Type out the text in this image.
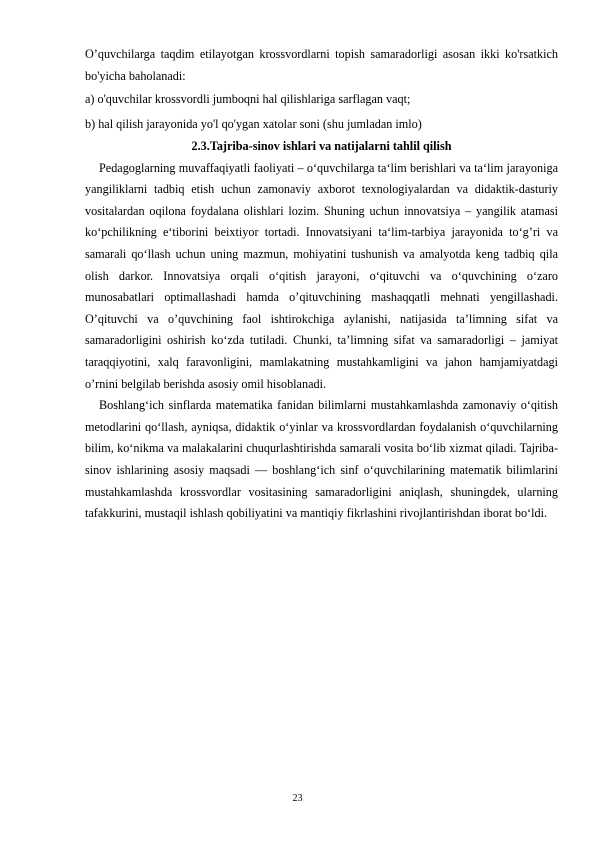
O’quvchilarga taqdim etilayotgan krossvordlarni topish samaradorligi asosan ikki ko'rsatkich bo'yicha baholanadi:

a) o'quvchilar krossvordli jumboqni hal qilishlariga sarflagan vaqt;

b) hal qilish jarayonida yo'l qo'ygan xatolar soni (shu jumladan imlo)

2.3.Tajriba-sinov ishlari va natijalarni tahlil qilish

Pedagoglarning muvaffaqiyatli faoliyati – o‘quvchilarga ta‘lim berishlari va ta‘lim jarayoniga yangiliklarni tadbiq etish uchun zamonaviy axborot texnologiyalardan va didaktik-dasturiy vositalardan oqilona foydalana olishlari lozim. Shuning uchun innovatsiya – yangilik atamasi ko‘pchilikning e‘tiborini beixtiyor tortadi. Innovatsiyani ta‘lim-tarbiya jarayonida to‘g’ri va samarali qo‘llash uchun uning mazmun, mohiyatini tushunish va amalyotda keng tadbiq qila olish darkor. Innovatsiya orqali o‘qitish jarayoni, o‘qituvchi va o‘quvchining o‘zaro munosabatlari optimallashadi hamda o’qituvchining mashaqqatli mehnati yengillashadi. O’qituvchi va o’quvchining faol ishtirokchiga aylanishi, natijasida ta’limning sifat va samaradorligini oshirish ko‘zda tutiladi. Chunki, ta’limning sifat va samaradorligi – jamiyat taraqqiyotini, xalq faravonligini, mamlakatning mustahkamligini va jahon hamjamiyatdagi o’rnini belgilab berishda asosiy omil hisoblanadi.

Boshlang‘ich sinflarda matematika fanidan bilimlarni mustahkamlashda zamonaviy o‘qitish metodlarini qo‘llash, ayniqsa, didaktik o‘yinlar va krossvordlardan foydalanish o‘quvchilarning bilim, ko‘nikma va malakalarini chuqurlashtirishda samarali vosita bo‘lib xizmat qiladi. Tajriba-sinov ishlarining asosiy maqsadi — boshlang‘ich sinf o‘quvchilarining matematik bilimlarini mustahkamlashda krossvordlar vositasining samaradorligini aniqlash, shuningdek, ularning tafakkurini, mustaqil ishlash qobiliyatini va mantiqiy fikrlashini rivojlantirishdan iborat bo‘ldi.

23
